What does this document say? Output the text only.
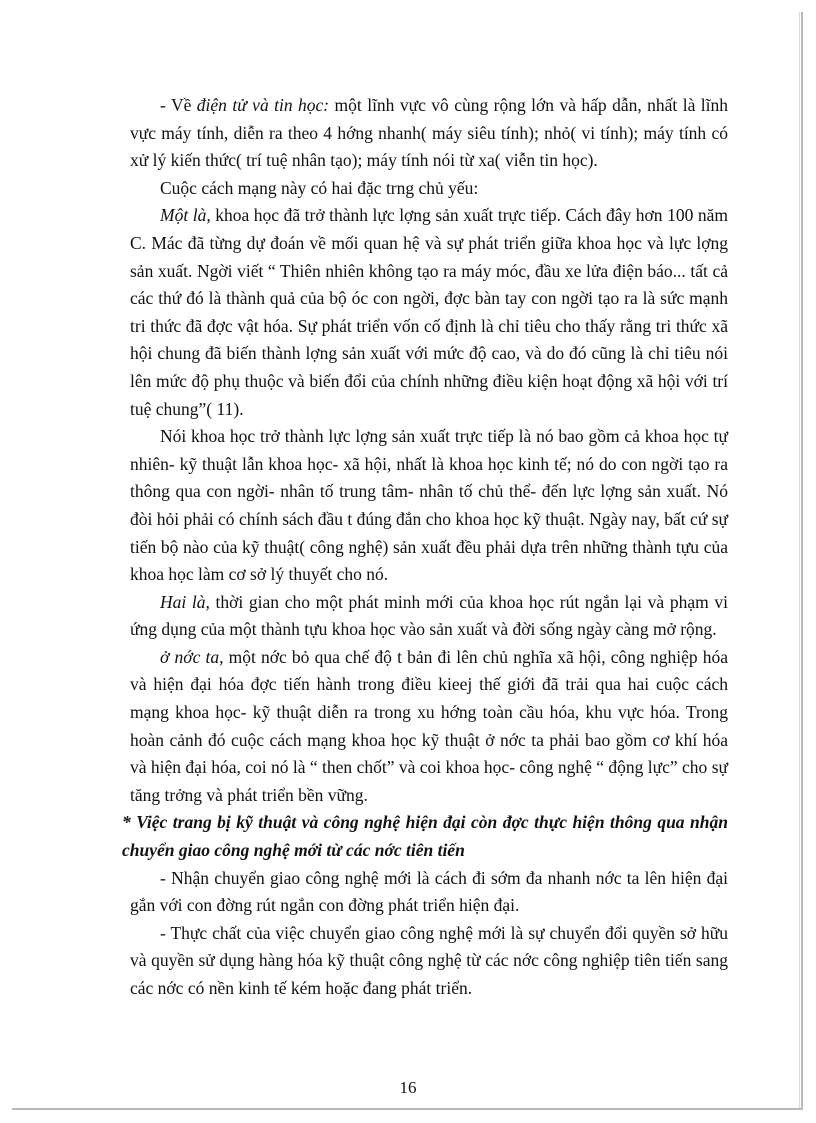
- Về điện tử và tin học: một lĩnh vực vô cùng rộng lớn và hấp dẫn, nhất là lĩnh vực máy tính, diễn ra theo 4 hớng nhanh( máy siêu tính); nhỏ( vi tính); máy tính có xử lý kiến thức( trí tuệ nhân tạo); máy tính nói từ xa( viễn tin học).

Cuộc cách mạng này có hai đặc trng chủ yếu:

Một là, khoa học đã trở thành lực lợng sản xuất trực tiếp. Cách đây hơn 100 năm C. Mác đã từng dự đoán về mối quan hệ và sự phát triển giữa khoa học và lực lợng sản xuất. Ngời viết “ Thiên nhiên không tạo ra máy móc, đầu xe lửa điện báo... tất cả các thứ đó là thành quả của bộ óc con ngời, đợc bàn tay con ngời tạo ra là sức mạnh tri thức đã đợc vật hóa. Sự phát triển vốn cố định là chỉ tiêu cho thấy rằng tri thức xã hội chung đã biến thành lợng sản xuất với mức độ cao, và do đó cũng là chỉ tiêu nói lên mức độ phụ thuộc và biến đổi của chính những điều kiện hoạt động xã hội với trí tuệ chung”( 11).

Nói khoa học trở thành lực lợng sản xuất trực tiếp là nó bao gồm cả khoa học tự nhiên- kỹ thuật lẫn khoa học- xã hội, nhất là khoa học kinh tế; nó do con ngời tạo ra thông qua con ngời- nhân tố trung tâm- nhân tố chủ thể- đến lực lợng sản xuất. Nó đòi hỏi phải có chính sách đầu t đúng đắn cho khoa học kỹ thuật. Ngày nay, bất cứ sự tiến bộ nào của kỹ thuật( công nghệ) sản xuất đều phải dựa trên những thành tựu của khoa học làm cơ sở lý thuyết cho nó.

Hai là, thời gian cho một phát minh mới của khoa học rút ngắn lại và phạm vi ứng dụng của một thành tựu khoa học vào sản xuất và đời sống ngày càng mở rộng.

ở nớc ta, một nớc bỏ qua chế độ t bản đi lên chủ nghĩa xã hội, công nghiệp hóa và hiện đại hóa đợc tiến hành trong điều kieej thế giới đã trải qua hai cuộc cách mạng khoa học- kỹ thuật diễn ra trong xu hớng toàn cầu hóa, khu vực hóa. Trong hoàn cảnh đó cuộc cách mạng khoa học kỹ thuật ở nớc ta phải bao gồm cơ khí hóa và hiện đại hóa, coi nó là “ then chốt” và coi khoa học- công nghệ “ động lực” cho sự tăng trởng và phát triển bền vững.

* Việc trang bị kỹ thuật và công nghệ hiện đại còn đợc thực hiện thông qua nhận chuyển giao công nghệ mới từ các nớc tiên tiến

- Nhận chuyển giao công nghệ mới là cách đi sớm đa nhanh nớc ta lên hiện đại gắn với con đờng rút ngắn con đờng phát triển hiện đại.

- Thực chất của việc chuyển giao công nghệ mới là sự chuyển đổi quyền sở hữu và quyền sử dụng hàng hóa kỹ thuật công nghệ từ các nớc công nghiệp tiên tiến sang các nớc có nền kinh tế kém hoặc đang phát triển.

16
